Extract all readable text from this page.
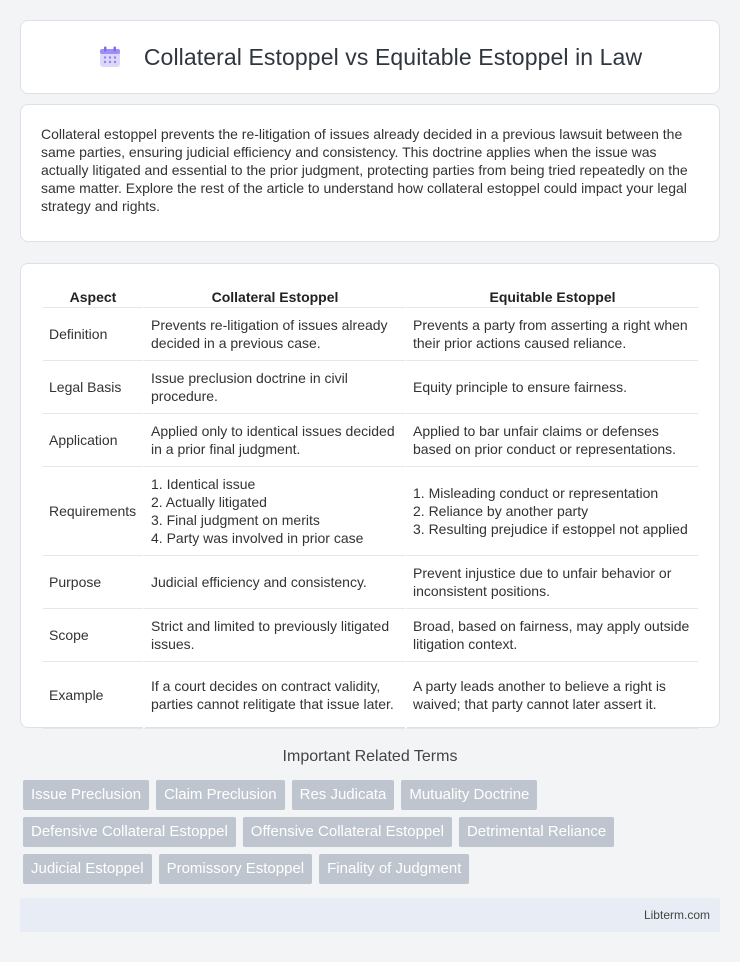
Collateral Estoppel vs Equitable Estoppel in Law

Collateral estoppel prevents the re-litigation of issues already decided in a previous lawsuit between the same parties, ensuring judicial efficiency and consistency. This doctrine applies when the issue was actually litigated and essential to the prior judgment, protecting parties from being tried repeatedly on the same matter. Explore the rest of the article to understand how collateral estoppel could impact your legal strategy and rights.

Aspect	Collateral Estoppel	Equitable Estoppel
Definition	Prevents re-litigation of issues already decided in a previous case.	Prevents a party from asserting a right when their prior actions caused reliance.
Legal Basis	Issue preclusion doctrine in civil procedure.	Equity principle to ensure fairness.
Application	Applied only to identical issues decided in a prior final judgment.	Applied to bar unfair claims or defenses based on prior conduct or representations.
Requirements	1. Identical issue
2. Actually litigated
3. Final judgment on merits
4. Party was involved in prior case	1. Misleading conduct or representation
2. Reliance by another party
3. Resulting prejudice if estoppel not applied

Purpose	Judicial efficiency and consistency.	Prevent injustice due to unfair behavior or inconsistent positions.
Scope	Strict and limited to previously litigated issues.	Broad, based on fairness, may apply outside litigation context.
Example	If a court decides on contract validity, parties cannot relitigate that issue later.	A party leads another to believe a right is waived; that party cannot later assert it.
Important Related Terms
Issue Preclusion	Claim Preclusion	Res Judicata	Mutuality Doctrine
Defensive Collateral Estoppel	Offensive Collateral Estoppel	Detrimental Reliance
Judicial Estoppel	Promissory Estoppel	Finality of Judgment
Libterm.com
